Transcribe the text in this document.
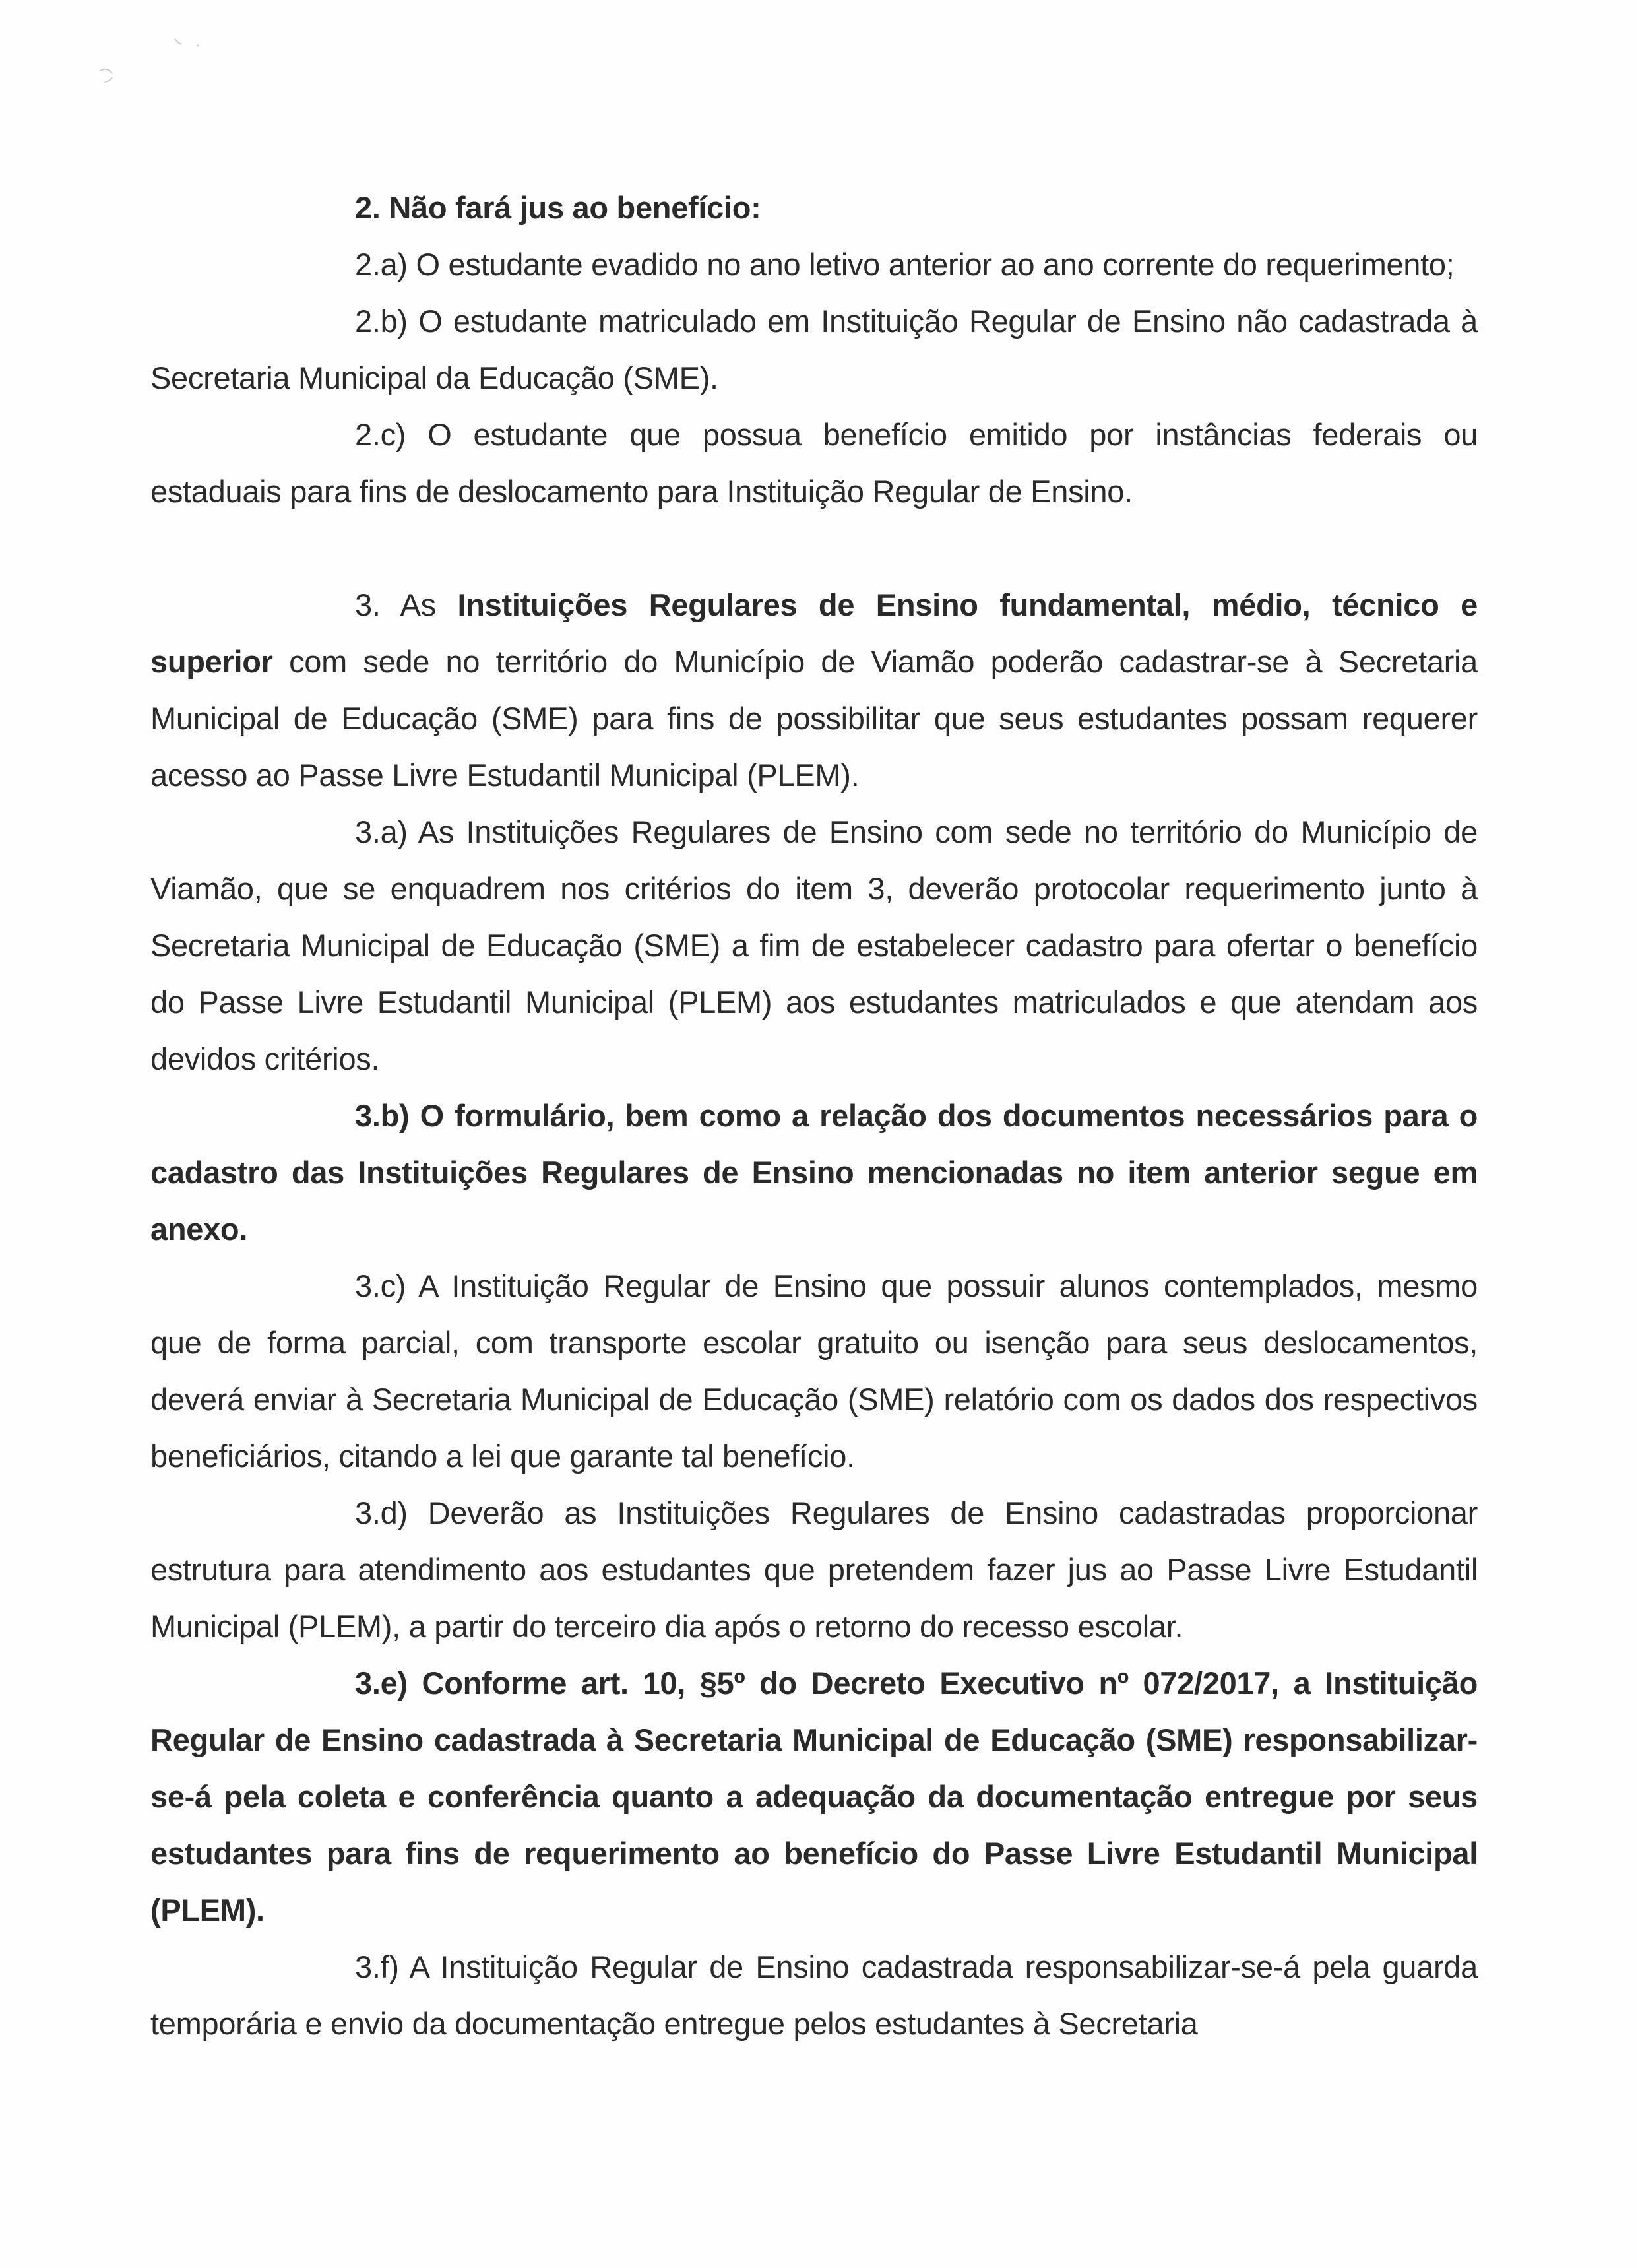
2. Não fará jus ao benefício:

2.a) O estudante evadido no ano letivo anterior ao ano corrente do requerimento;

2.b) O estudante matriculado em Instituição Regular de Ensino não cadastrada à Secretaria Municipal da Educação (SME).

2.c) O estudante que possua benefício emitido por instâncias federais ou estaduais para fins de deslocamento para Instituição Regular de Ensino.

3. As Instituições Regulares de Ensino fundamental, médio, técnico e superior com sede no território do Município de Viamão poderão cadastrar-se à Secretaria Municipal de Educação (SME) para fins de possibilitar que seus estudantes possam requerer acesso ao Passe Livre Estudantil Municipal (PLEM).

3.a) As Instituições Regulares de Ensino com sede no território do Município de Viamão, que se enquadrem nos critérios do item 3, deverão protocolar requerimento junto à Secretaria Municipal de Educação (SME) a fim de estabelecer cadastro para ofertar o benefício do Passe Livre Estudantil Municipal (PLEM) aos estudantes matriculados e que atendam aos devidos critérios.

3.b) O formulário, bem como a relação dos documentos necessários para o cadastro das Instituições Regulares de Ensino mencionadas no item anterior segue em anexo.

3.c) A Instituição Regular de Ensino que possuir alunos contemplados, mesmo que de forma parcial, com transporte escolar gratuito ou isenção para seus deslocamentos, deverá enviar à Secretaria Municipal de Educação (SME) relatório com os dados dos respectivos beneficiários, citando a lei que garante tal benefício.

3.d) Deverão as Instituições Regulares de Ensino cadastradas proporcionar estrutura para atendimento aos estudantes que pretendem fazer jus ao Passe Livre Estudantil Municipal (PLEM), a partir do terceiro dia após o retorno do recesso escolar.

3.e) Conforme art. 10, §5º do Decreto Executivo nº 072/2017, a Instituição Regular de Ensino cadastrada à Secretaria Municipal de Educação (SME) responsabilizar-se-á pela coleta e conferência quanto a adequação da documentação entregue por seus estudantes para fins de requerimento ao benefício do Passe Livre Estudantil Municipal (PLEM).

3.f) A Instituição Regular de Ensino cadastrada responsabilizar-se-á pela guarda temporária e envio da documentação entregue pelos estudantes à Secretaria
